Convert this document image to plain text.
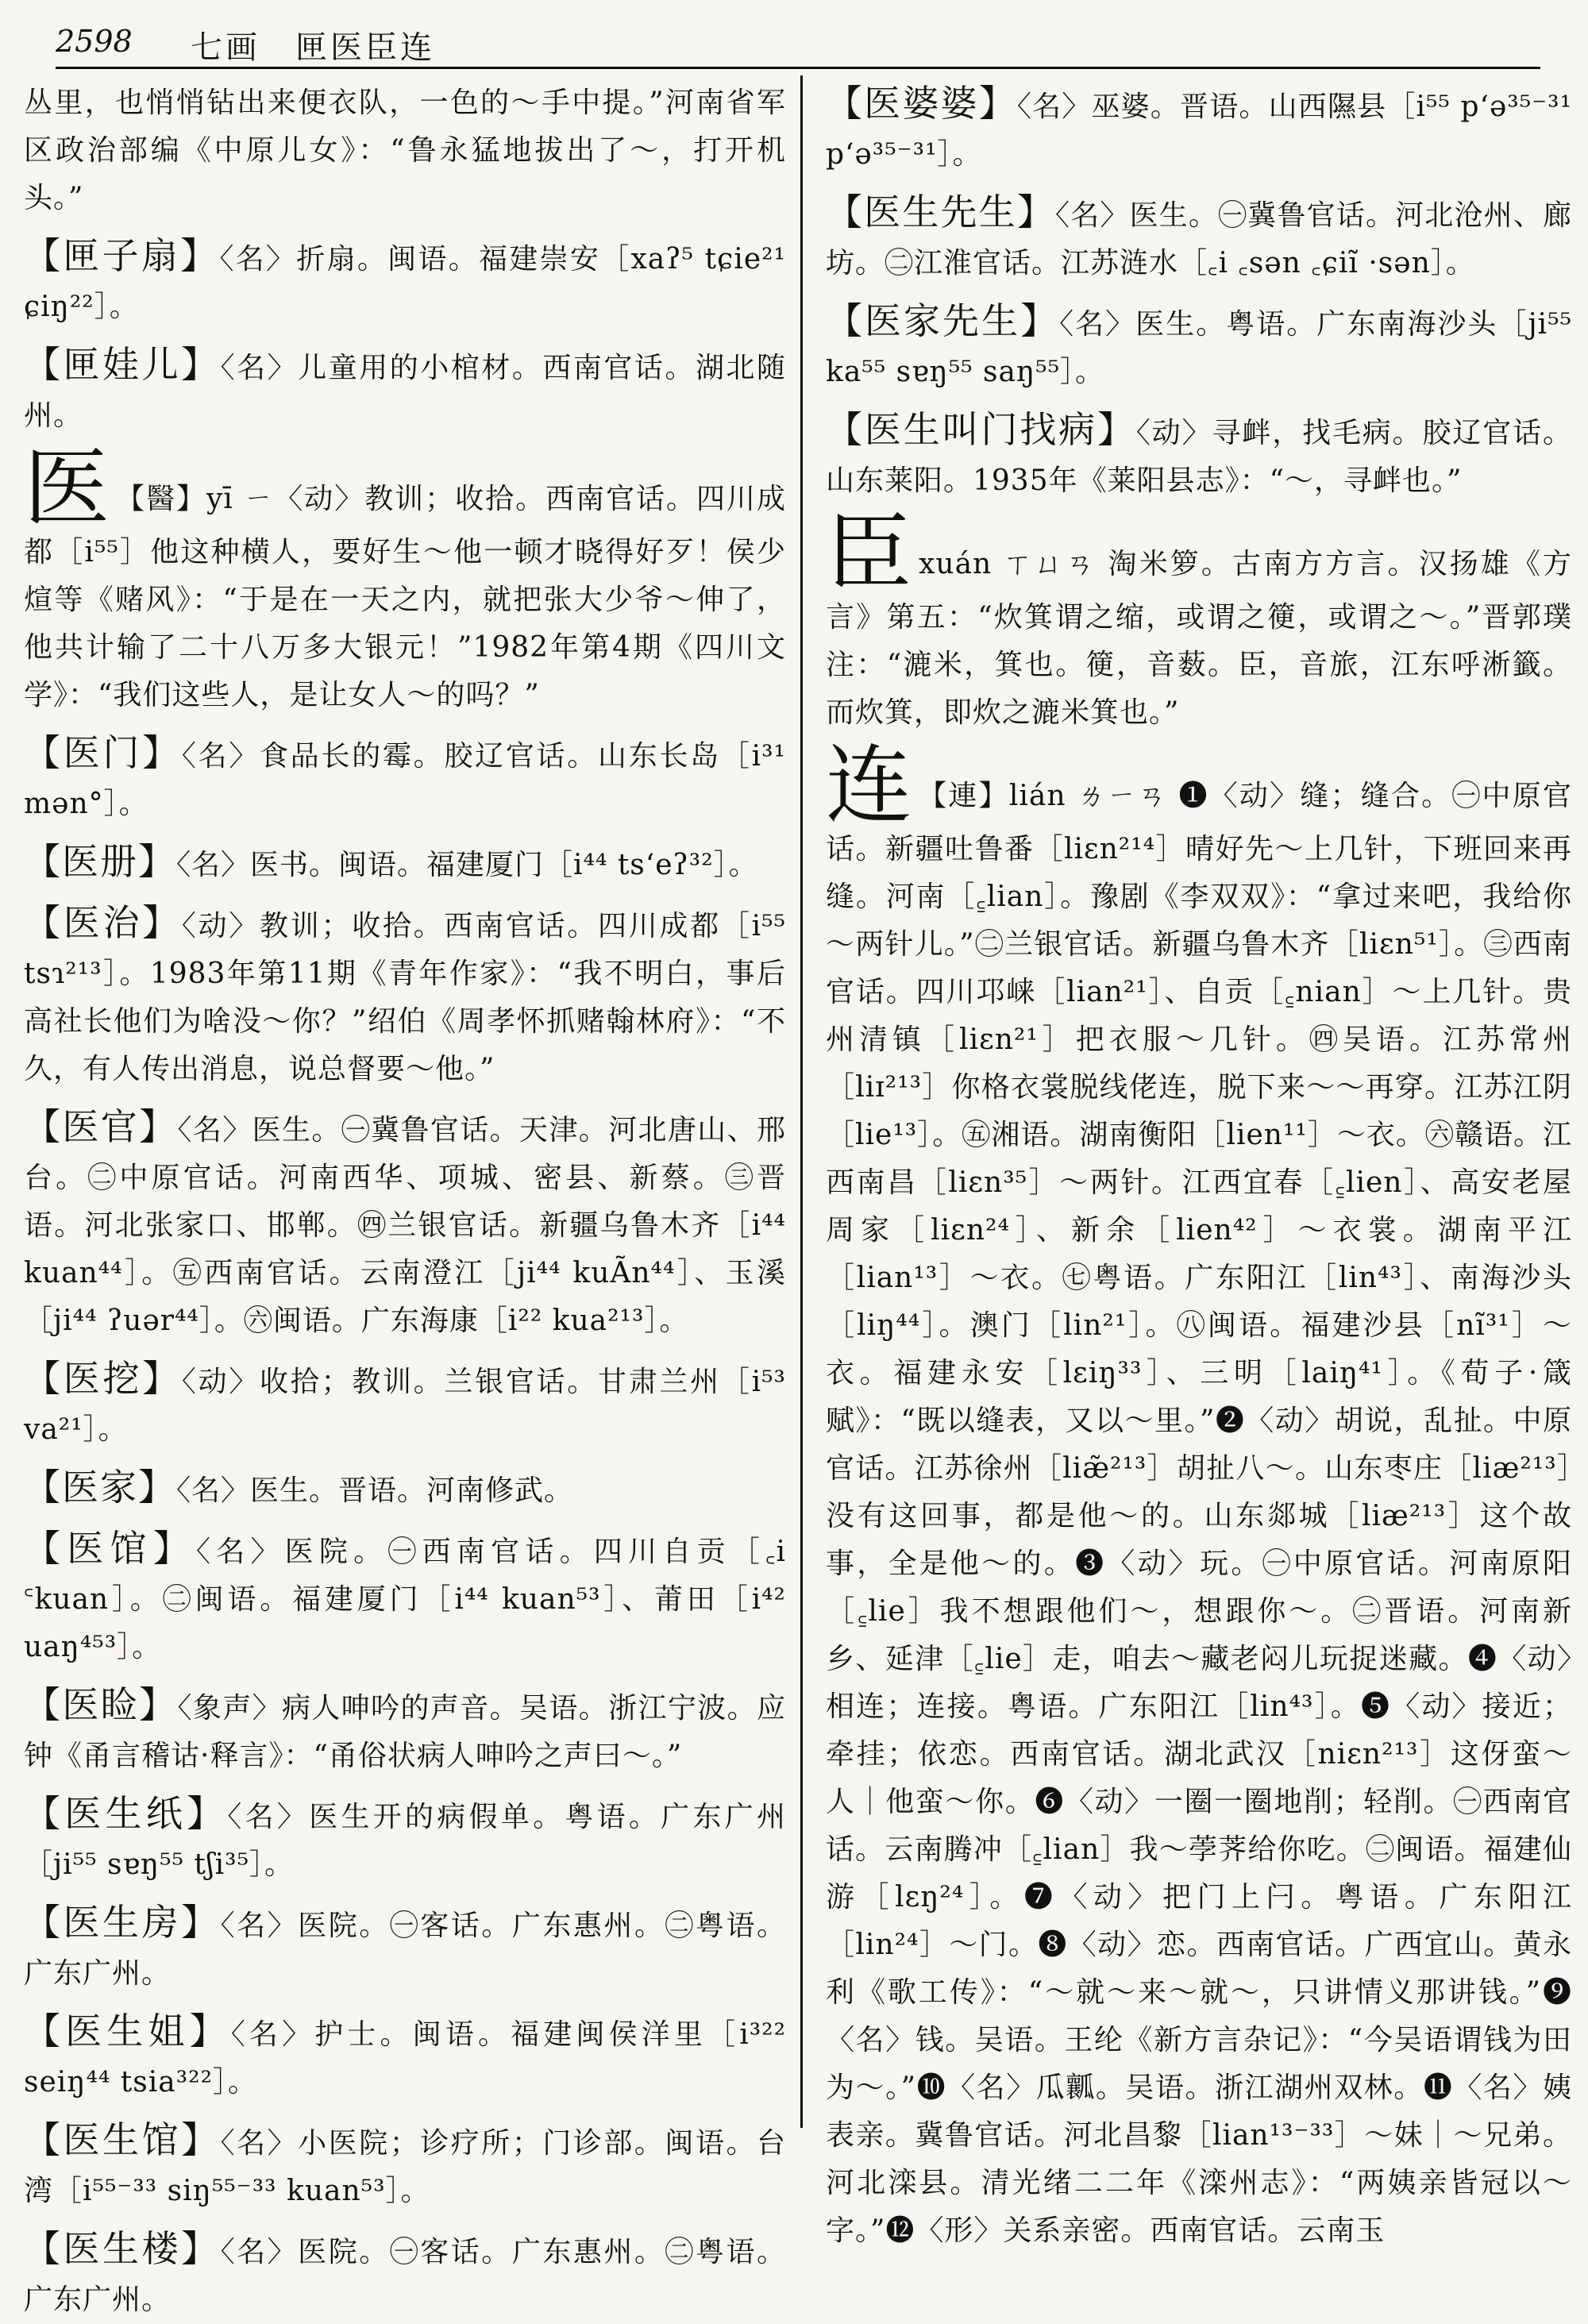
2598 七画　匣医臣连

丛里，也悄悄钻出来便衣队，一色的～手中提。”河南省军区政治部编《中原儿女》：“鲁永猛地拔出了～，打开机头。”

【匣子扇】〈名〉折扇。闽语。福建崇安［xaʔ⁵ tɕie²¹ ɕiŋ²²］。

【匣娃儿】〈名〉儿童用的小棺材。西南官话。湖北随州。

医 【醫】yī ㄧ〈动〉教训；收拾。西南官话。四川成都［i⁵⁵］他这种横人，要好生～他一顿才晓得好歹！侯少煊等《赌风》：“于是在一天之内，就把张大少爷～伸了，他共计输了二十八万多大银元！”1982年第4期《四川文学》：“我们这些人，是让女人～的吗？”

【医门】〈名〉食品长的霉。胶辽官话。山东长岛［i³¹ mən°］。

【医册】〈名〉医书。闽语。福建厦门［i⁴⁴ ts‘eʔ³²］。

【医治】〈动〉教训；收拾。西南官话。四川成都［i⁵⁵ tsɿ²¹³］。1983年第11期《青年作家》：“我不明白，事后高社长他们为啥没～你？”绍伯《周孝怀抓赌翰林府》：“不久，有人传出消息，说总督要～他。”

【医官】〈名〉医生。㊀冀鲁官话。天津。河北唐山、邢台。㊁中原官话。河南西华、项城、密县、新蔡。㊂晋语。河北张家口、邯郸。㊃兰银官话。新疆乌鲁木齐［i⁴⁴ kuan⁴⁴］。㊄西南官话。云南澄江［ji⁴⁴ kuÃn⁴⁴］、玉溪［ji⁴⁴ ʔuər⁴⁴］。㊅闽语。广东海康［i²² kua²¹³］。

【医挖】〈动〉收拾；教训。兰银官话。甘肃兰州［i⁵³ va²¹］。

【医家】〈名〉医生。晋语。河南修武。

【医馆】〈名〉医院。㊀西南官话。四川自贡［꜀i ꜂kuan］。㊁闽语。福建厦门［i⁴⁴ kuan⁵³］、莆田［i⁴² uaŋ⁴⁵³］。

【医睑】〈象声〉病人呻吟的声音。吴语。浙江宁波。应钟《甬言稽诂·释言》：“甬俗状病人呻吟之声曰～。”

【医生纸】〈名〉医生开的病假单。粤语。广东广州［ji⁵⁵ sɐŋ⁵⁵ tʃi³⁵］。

【医生房】〈名〉医院。㊀客话。广东惠州。㊁粤语。广东广州。

【医生姐】〈名〉护士。闽语。福建闽侯洋里［i³²² seiŋ⁴⁴ tsia³²²］。

【医生馆】〈名〉小医院；诊疗所；门诊部。闽语。台湾［i⁵⁵⁻³³ siŋ⁵⁵⁻³³ kuan⁵³］。

【医生楼】〈名〉医院。㊀客话。广东惠州。㊁粤语。广东广州。

【医婆婆】〈名〉巫婆。晋语。山西隰县［i⁵⁵ p‘ə³⁵⁻³¹ p‘ə³⁵⁻³¹］。

【医生先生】〈名〉医生。㊀冀鲁官话。河北沧州、廊坊。㊁江淮官话。江苏涟水［꜀i ꜀sən ꜀ɕiĩ ·sən］。

【医家先生】〈名〉医生。粤语。广东南海沙头［ji⁵⁵ ka⁵⁵ sɐŋ⁵⁵ saŋ⁵⁵］。

【医生叫门找病】〈动〉寻衅，找毛病。胶辽官话。山东莱阳。1935年《莱阳县志》：“～，寻衅也。”

臣xuán ㄒㄩㄢ 淘米箩。古南方方言。汉扬雄《方言》第五：“炊箕谓之缩，或谓之箯，或谓之～。”晋郭璞注：“漉米，箕也。箯，音薮。臣，音旅，江东呼淅籤。而炊箕，即炊之漉米箕也。”

连 【連】lián ㄌㄧㄢ ❶〈动〉缝；缝合。㊀中原官话。新疆吐鲁番［liɛn²¹⁴］晴好先～上几针，下班回来再缝。河南［꜁lian］。豫剧《李双双》：“拿过来吧，我给你～两针儿。”㊁兰银官话。新疆乌鲁木齐［liɛn⁵¹］。㊂西南官话。四川邛崃［lian²¹］、自贡［꜁nian］～上几针。贵州清镇［liɛn²¹］把衣服～几针。㊃吴语。江苏常州［liɪ²¹³］你格衣裳脱线佬连，脱下来～～再穿。江苏江阴［lie¹³］。㊄湘语。湖南衡阳［lien¹¹］～衣。㊅赣语。江西南昌［liɛn³⁵］～两针。江西宜春［꜁lien］、高安老屋周家［liɛn²⁴］、新余［lien⁴²］～衣裳。湖南平江［lian¹³］～衣。㊆粤语。广东阳江［lin⁴³］、南海沙头［liŋ⁴⁴］。澳门［lin²¹］。㊇闽语。福建沙县［nĩ³¹］～衣。福建永安［lɛiŋ³³］、三明［laiŋ⁴¹］。《荀子·箴赋》：“既以缝表，又以～里。”❷〈动〉胡说，乱扯。中原官话。江苏徐州［liæ̃²¹³］胡扯八～。山东枣庄［liæ²¹³］没有这回事，都是他～的。山东郯城［liæ²¹³］这个故事，全是他～的。❸〈动〉玩。㊀中原官话。河南原阳［꜁lie］我不想跟他们～，想跟你～。㊁晋语。河南新乡、延津［꜁lie］走，咱去～藏老闷儿玩捉迷藏。❹〈动〉相连；连接。粤语。广东阳江［lin⁴³］。❺〈动〉接近；牵挂；依恋。西南官话。湖北武汉［niɛn²¹³］这伢蛮～人｜他蛮～你。❻〈动〉一圈一圈地削；轻削。㊀西南官话。云南腾冲［꜁lian］我～荸荠给你吃。㊁闽语。福建仙游［lɛŋ²⁴］。❼〈动〉把门上闩。粤语。广东阳江［lin²⁴］～门。❽〈动〉恋。西南官话。广西宜山。黄永利《歌工传》：“～就～来～就～，只讲情义那讲钱。”❾〈名〉钱。吴语。王纶《新方言杂记》：“今吴语谓钱为田为～。”❿〈名〉瓜瓤。吴语。浙江湖州双林。⓫〈名〉姨表亲。冀鲁官话。河北昌黎［lian¹³⁻³³］～妹｜～兄弟。河北滦县。清光绪二二年《滦州志》：“两姨亲皆冠以～字。”⓬〈形〉关系亲密。西南官话。云南玉
